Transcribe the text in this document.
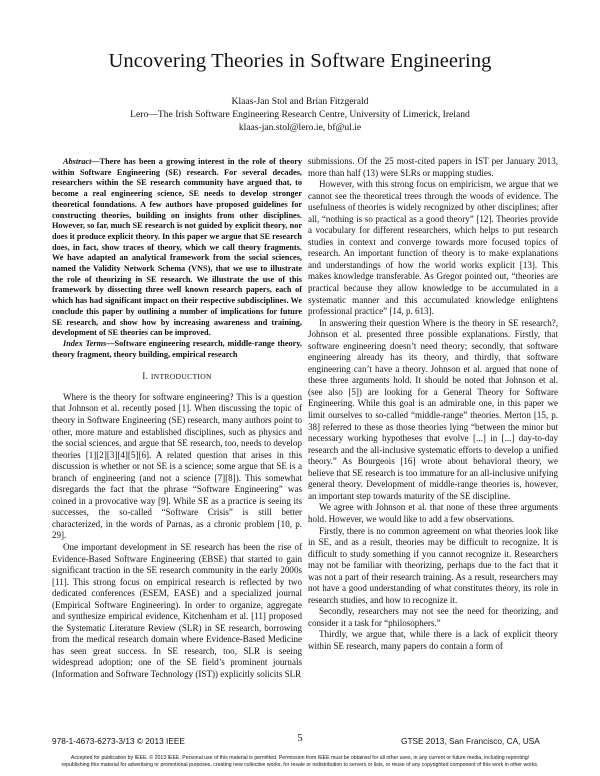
Uncovering Theories in Software Engineering
Klaas-Jan Stol and Brian Fitzgerald
Lero—The Irish Software Engineering Research Centre, University of Limerick, Ireland
klaas-jan.stol@lero.ie, bf@ul.ie

Abstract—There has been a growing interest in the role of theory within Software Engineering (SE) research. For several decades, researchers within the SE research community have argued that, to become a real engineering science, SE needs to develop stronger theoretical foundations. A few authors have proposed guidelines for constructing theories, building on insights from other disciplines. However, so far, much SE research is not guided by explicit theory, nor does it produce explicit theory. In this paper we argue that SE research does, in fact, show traces of theory, which we call theory fragments. We have adapted an analytical framework from the social sciences, named the Validity Network Schema (VNS), that we use to illustrate the role of theorizing in SE research. We illustrate the use of this framework by dissecting three well known research papers, each of which has had significant impact on their respective subdisciplines. We conclude this paper by outlining a number of implications for future SE research, and show how by increasing awareness and training, development of SE theories can be improved.

Index Terms—Software engineering research, middle-range theory, theory fragment, theory building, empirical research

I. INTRODUCTION

Where is the theory for software engineering? This is a question that Johnson et al. recently posed [1]. When discussing the topic of theory in Software Engineering (SE) research, many authors point to other, more mature and established disciplines, such as physics and the social sciences, and argue that SE research, too, needs to develop theories [1][2][3][4][5][6]. A related question that arises in this discussion is whether or not SE is a science; some argue that SE is a branch of engineering (and not a science [7][8]). This somewhat disregards the fact that the phrase “Software Engineering” was coined in a provocative way [9]. While SE as a practice is seeing its successes, the so-called “Software Crisis” is still better characterized, in the words of Parnas, as a chronic problem [10, p. 29].

One important development in SE research has been the rise of Evidence-Based Software Engineering (EBSE) that started to gain significant traction in the SE research community in the early 2000s [11]. This strong focus on empirical research is reflected by two dedicated conferences (ESEM, EASE) and a specialized journal (Empirical Software Engineering). In order to organize, aggregate and synthesize empirical evidence, Kitchenham et al. [11] proposed the Systematic Literature Review (SLR) in SE research, borrowing from the medical research domain where Evidence-Based Medicine has seen great success. In SE research, too, SLR is seeing widespread adoption; one of the SE field’s prominent journals (Information and Software Technology (IST)) explicitly solicits SLR

submissions. Of the 25 most-cited papers in IST per January 2013, more than half (13) were SLRs or mapping studies.

However, with this strong focus on empiricism, we argue that we cannot see the theoretical trees through the woods of evidence. The usefulness of theories is widely recognized by other disciplines; after all, “nothing is so practical as a good theory” [12]. Theories provide a vocabulary for different researchers, which helps to put research studies in context and converge towards more focused topics of research. An important function of theory is to make explanations and understandings of how the world works explicit [13]. This makes knowledge transferable. As Gregor pointed out, “theories are practical because they allow knowledge to be accumulated in a systematic manner and this accumulated knowledge enlightens professional practice” [14, p. 613].

In answering their question Where is the theory in SE research?, Johnson et al. presented three possible explanations. Firstly, that software engineering doesn’t need theory; secondly, that software engineering already has its theory, and thirdly, that software engineering can’t have a theory. Johnson et al. argued that none of these three arguments hold. It should be noted that Johnson et al. (see also [5]) are looking for a General Theory for Software Engineering. While this goal is an admirable one, in this paper we limit ourselves to so-called “middle-range” theories. Merton [15, p. 38] referred to these as those theories lying “between the minor but necessary working hypotheses that evolve [...] in [...] day-to-day research and the all-inclusive systematic efforts to develop a unified theory.” As Bourgeois [16] wrote about behavioral theory, we believe that SE research is too immature for an all-inclusive unifying general theory. Development of middle-range theories is, however, an important step towards maturity of the SE discipline.

We agree with Johnson et al. that none of these three arguments hold. However, we would like to add a few observations.

Firstly, there is no common agreement on what theories look like in SE, and as a result, theories may be difficult to recognize. It is difficult to study something if you cannot recognize it. Researchers may not be familiar with theorizing, perhaps due to the fact that it was not a part of their research training. As a result, researchers may not have a good understanding of what constitutes theory, its role in research studies, and how to recognize it.

Secondly, researchers may not see the need for theorizing, and consider it a task for “philosophers.”

Thirdly, we argue that, while there is a lack of explicit theory within SE research, many papers do contain a form of

978-1-4673-6273-3/13 © 2013 IEEE	5	GTSE 2013, San Francisco, CA, USA
Accepted for publication by IEEE. © 2013 IEEE. Personal use of this material is permitted. Permission from IEEE must be obtained for all other uses, in any current or future media, including reprinting/
republishing this material for advertising or promotional purposes, creating new collective works, for resale or redistribution to servers or lists, or reuse of any copyrighted component of this work in other works.
